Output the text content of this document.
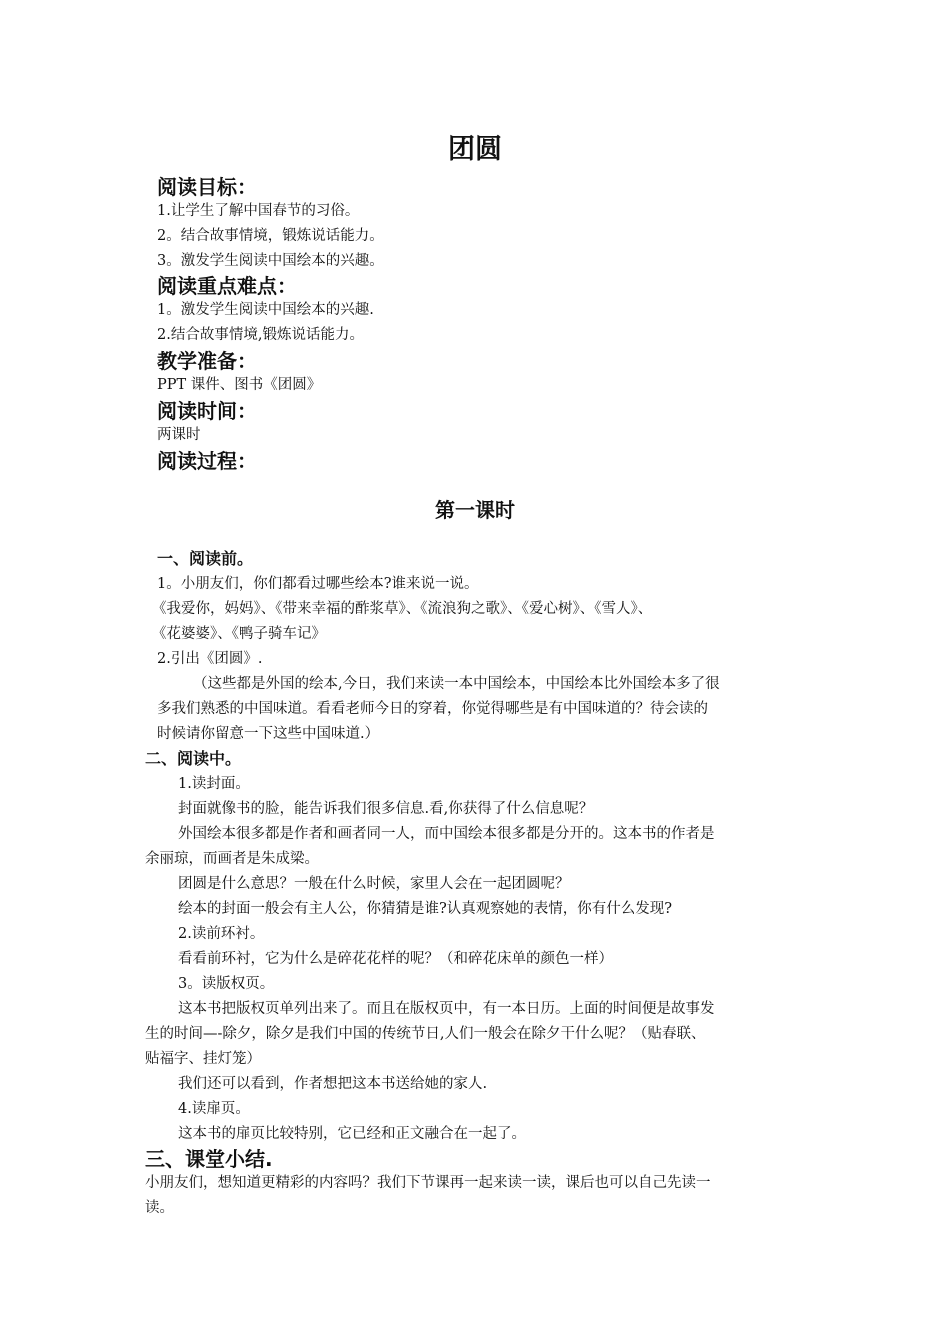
团圆
阅读目标：
1.让学生了解中国春节的习俗。
2。结合故事情境，锻炼说话能力。
3。激发学生阅读中国绘本的兴趣。
阅读重点难点：
1。激发学生阅读中国绘本的兴趣.
2.结合故事情境,锻炼说话能力。
教学准备：
PPT 课件、图书《团圆》
阅读时间：
两课时
阅读过程：
第一课时
一、阅读前。
1。小朋友们，你们都看过哪些绘本?谁来说一说。
《我爱你，妈妈》、《带来幸福的酢浆草》、《流浪狗之歌》、《爱心树》、《雪人》、
《花婆婆》、《鸭子骑车记》
2.引出《团圆》.
（这些都是外国的绘本,今日，我们来读一本中国绘本，中国绘本比外国绘本多了很
多我们熟悉的中国味道。看看老师今日的穿着，你觉得哪些是有中国味道的？待会读的
时候请你留意一下这些中国味道.）
二、阅读中。
1.读封面。
封面就像书的脸，能告诉我们很多信息.看,你获得了什么信息呢？
外国绘本很多都是作者和画者同一人，而中国绘本很多都是分开的。这本书的作者是
余丽琼，而画者是朱成梁。
团圆是什么意思？一般在什么时候，家里人会在一起团圆呢？
绘本的封面一般会有主人公，你猜猜是谁?认真观察她的表情，你有什么发现?
2.读前环衬。
看看前环衬，它为什么是碎花花样的呢？（和碎花床单的颜色一样）
3。读版权页。
这本书把版权页单列出来了。而且在版权页中，有一本日历。上面的时间便是故事发
生的时间—-除夕，除夕是我们中国的传统节日,人们一般会在除夕干什么呢？（贴春联、
贴福字、挂灯笼）
我们还可以看到，作者想把这本书送给她的家人.
4.读扉页。
这本书的扉页比较特别，它已经和正文融合在一起了。
三、课堂小结.
小朋友们，想知道更精彩的内容吗？我们下节课再一起来读一读，课后也可以自己先读一
读。
